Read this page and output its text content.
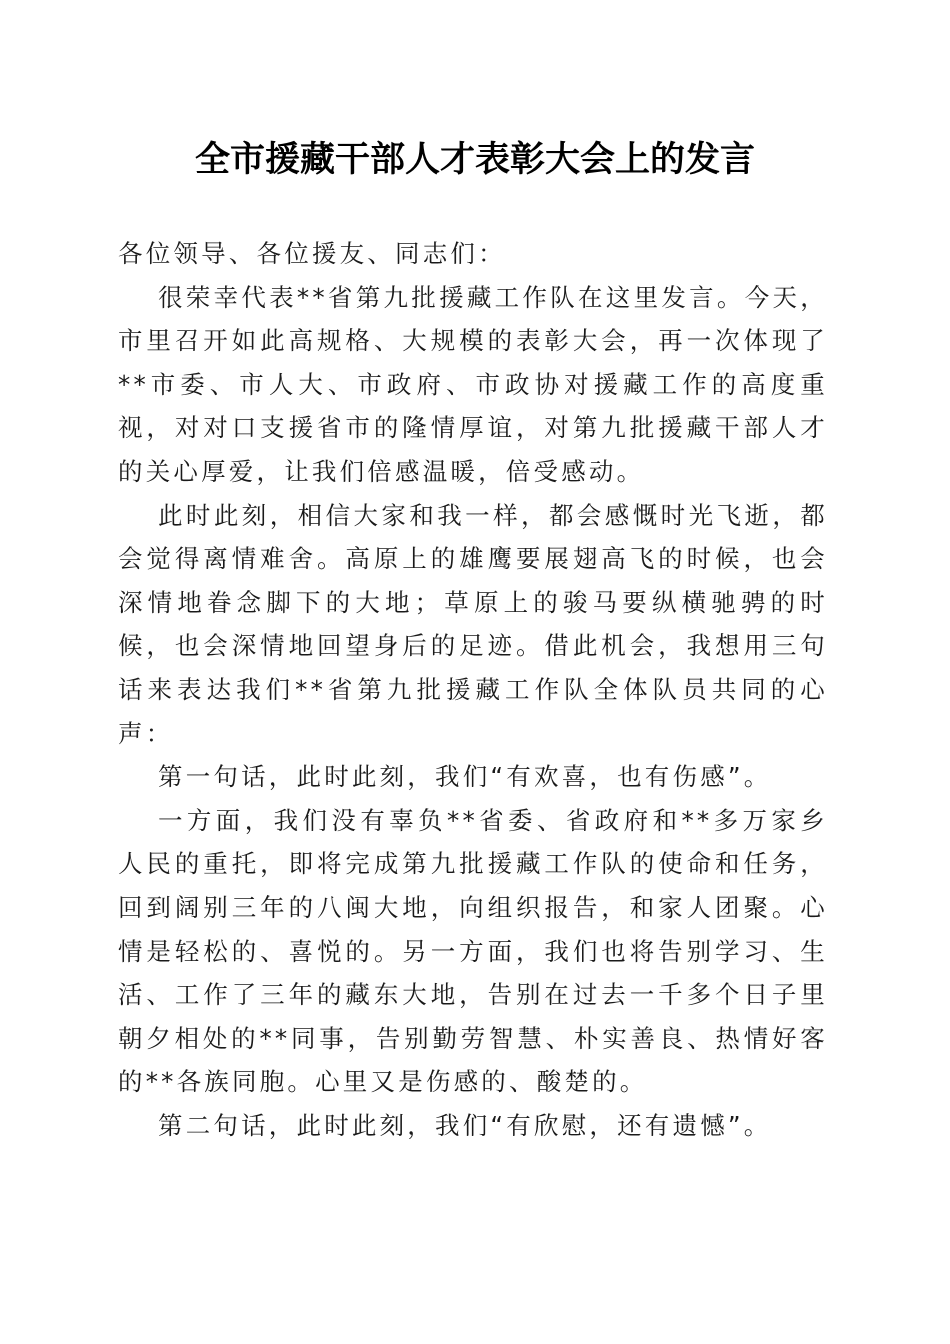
全市援藏干部人才表彰大会上的发言

各位领导、各位援友、同志们：

很荣幸代表**省第九批援藏工作队在这里发言。今天，市里召开如此高规格、大规模的表彰大会，再一次体现了**市委、市人大、市政府、市政协对援藏工作的高度重视，对对口支援省市的隆情厚谊，对第九批援藏干部人才的关心厚爱，让我们倍感温暖，倍受感动。

此时此刻，相信大家和我一样，都会感慨时光飞逝，都会觉得离情难舍。高原上的雄鹰要展翅高飞的时候，也会深情地眷念脚下的大地；草原上的骏马要纵横驰骋的时候，也会深情地回望身后的足迹。借此机会，我想用三句话来表达我们**省第九批援藏工作队全体队员共同的心声：

第一句话，此时此刻，我们“有欢喜，也有伤感”。

一方面，我们没有辜负**省委、省政府和**多万家乡人民的重托，即将完成第九批援藏工作队的使命和任务，回到阔别三年的八闽大地，向组织报告，和家人团聚。心情是轻松的、喜悦的。另一方面，我们也将告别学习、生活、工作了三年的藏东大地，告别在过去一千多个日子里朝夕相处的**同事，告别勤劳智慧、朴实善良、热情好客的**各族同胞。心里又是伤感的、酸楚的。

第二句话，此时此刻，我们“有欣慰，还有遗憾”。
